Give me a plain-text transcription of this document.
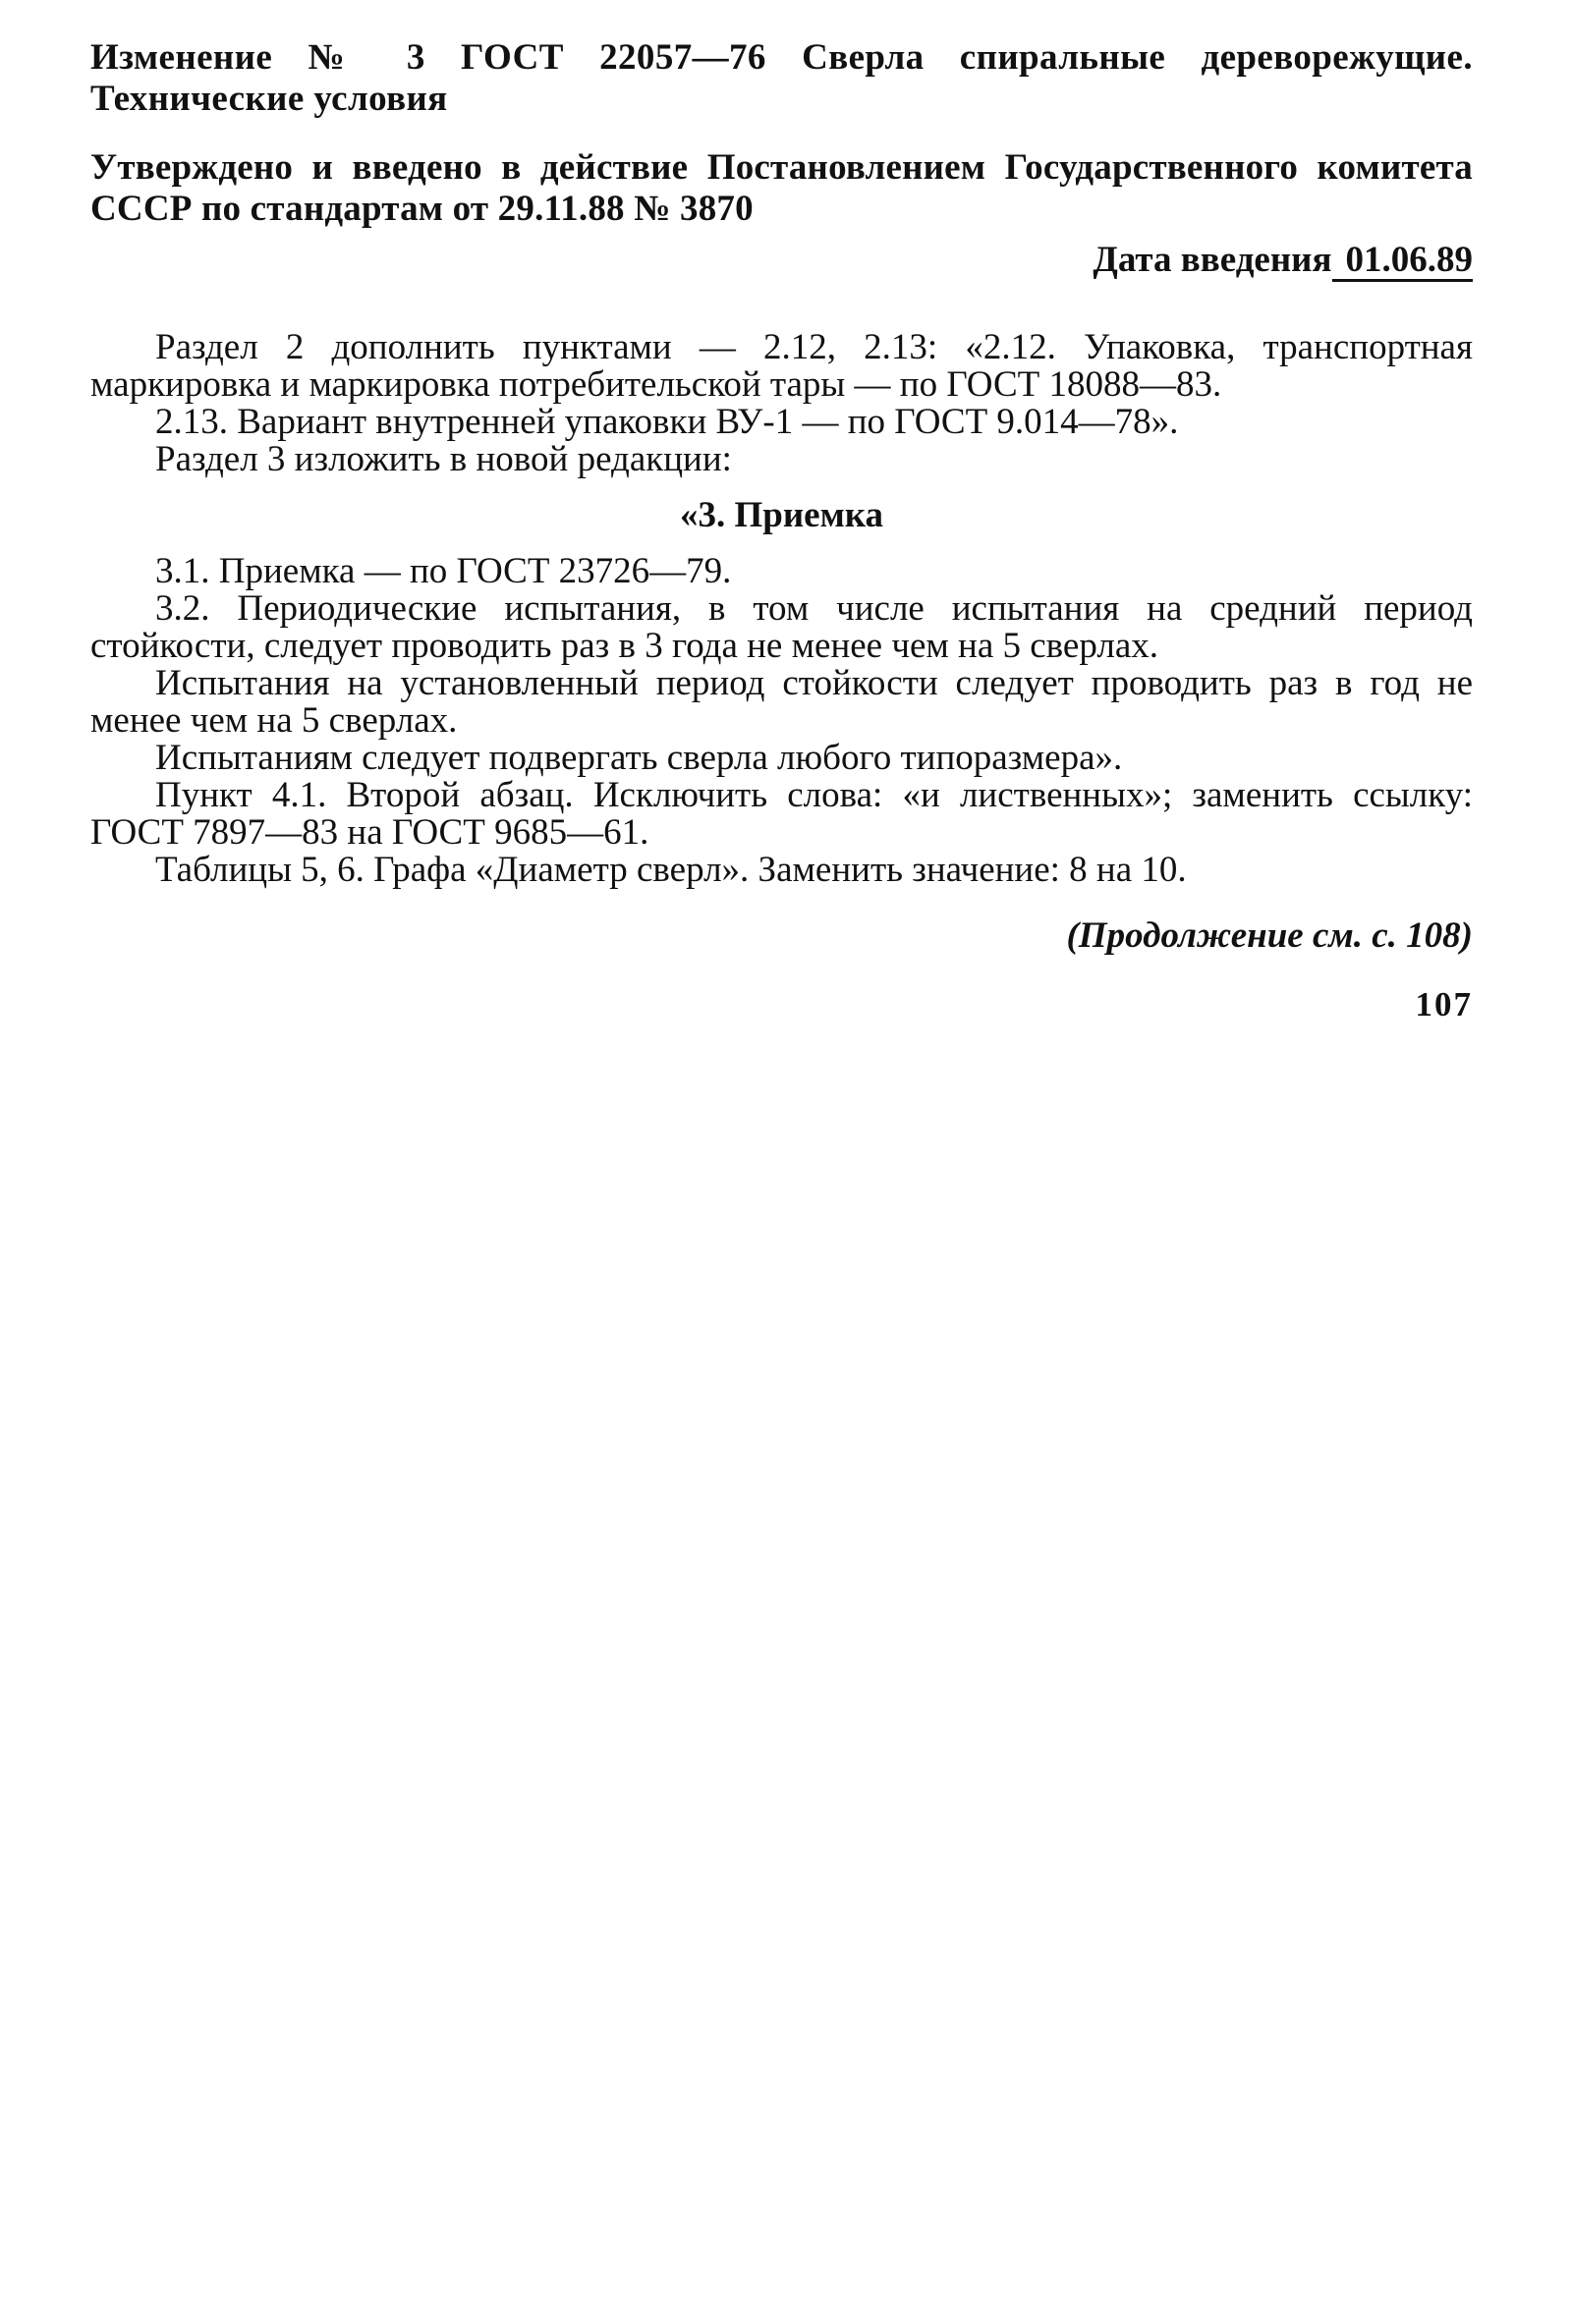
Изменение № 3 ГОСТ 22057—76 Сверла спиральные дереворежущие. Технические условия

Утверждено и введено в действие Постановлением Государственного комитета СССР по стандартам от 29.11.88 № 3870

Дата введения 01.06.89

Раздел 2 дополнить пунктами — 2.12, 2.13: «2.12. Упаковка, транспортная маркировка и маркировка потребительской тары — по ГОСТ 18088—83.

2.13. Вариант внутренней упаковки ВУ-1 — по ГОСТ 9.014—78».

Раздел 3 изложить в новой редакции:

«3. Приемка

3.1. Приемка — по ГОСТ 23726—79.

3.2. Периодические испытания, в том числе испытания на средний период стойкости, следует проводить раз в 3 года не менее чем на 5 сверлах.

Испытания на установленный период стойкости следует проводить раз в год не менее чем на 5 сверлах.

Испытаниям следует подвергать сверла любого типоразмера».

Пункт 4.1. Второй абзац. Исключить слова: «и лиственных»; заменить ссылку: ГОСТ 7897—83 на ГОСТ 9685—61.

Таблицы 5, 6. Графа «Диаметр сверл». Заменить значение: 8 на 10.

(Продолжение см. с. 108)
107
